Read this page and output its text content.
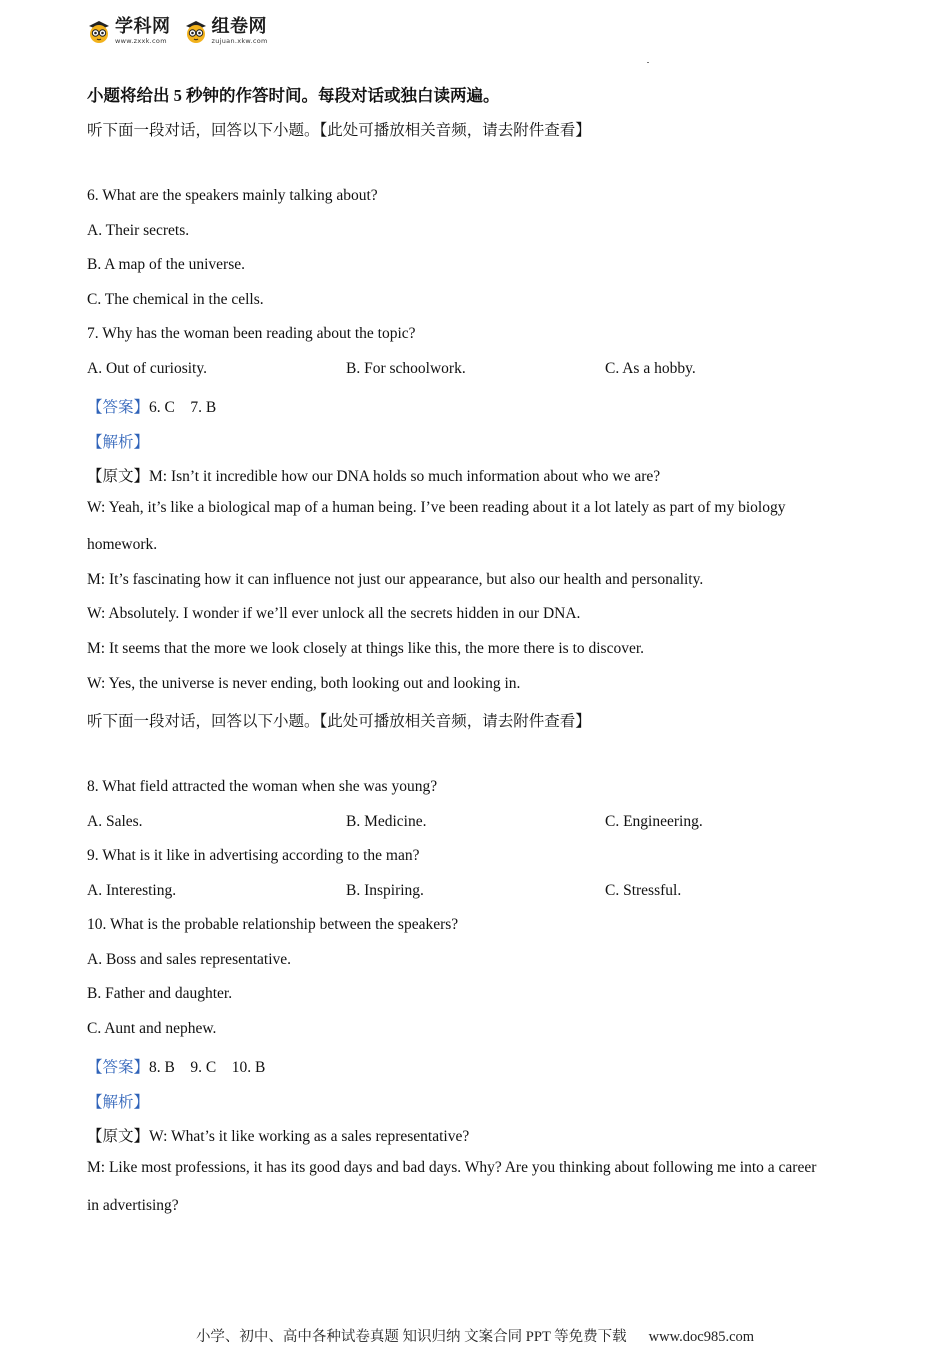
学科网
www.zxxk.com
组卷网
zujuan.xkw.com
小题将给出 5 秒钟的作答时间。每段对话或独白读两遍。
听下面一段对话，回答以下小题。【此处可播放相关音频，请去附件查看】
6. What are the speakers mainly talking about?
A. Their secrets.
B. A map of the universe.
C. The chemical in the cells.
7. Why has the woman been reading about the topic?
A. Out of curiosity.	B. For schoolwork.	C. As a hobby.
【答案】6. C    7. B
【解析】
【原文】M: Isn’t it incredible how our DNA holds so much information about who we are?
W: Yeah, it’s like a biological map of a human being. I’ve been reading about it a lot lately as part of my biology
homework.
M: It’s fascinating how it can influence not just our appearance, but also our health and personality.
W: Absolutely. I wonder if we’ll ever unlock all the secrets hidden in our DNA.
M: It seems that the more we look closely at things like this, the more there is to discover.
W: Yes, the universe is never ending, both looking out and looking in.
听下面一段对话，回答以下小题。【此处可播放相关音频，请去附件查看】
8. What field attracted the woman when she was young?
A. Sales.	B. Medicine.	C. Engineering.
9. What is it like in advertising according to the man?
A. Interesting.	B. Inspiring.	C. Stressful.
10. What is the probable relationship between the speakers?
A. Boss and sales representative.
B. Father and daughter.
C. Aunt and nephew.
【答案】8. B    9. C    10. B
【解析】
【原文】W: What’s it like working as a sales representative?
M: Like most professions, it has its good days and bad days. Why? Are you thinking about following me into a career
in advertising?
小学、初中、高中各种试卷真题 知识归纳 文案合同 PPT 等免费下载 www.doc985.com
